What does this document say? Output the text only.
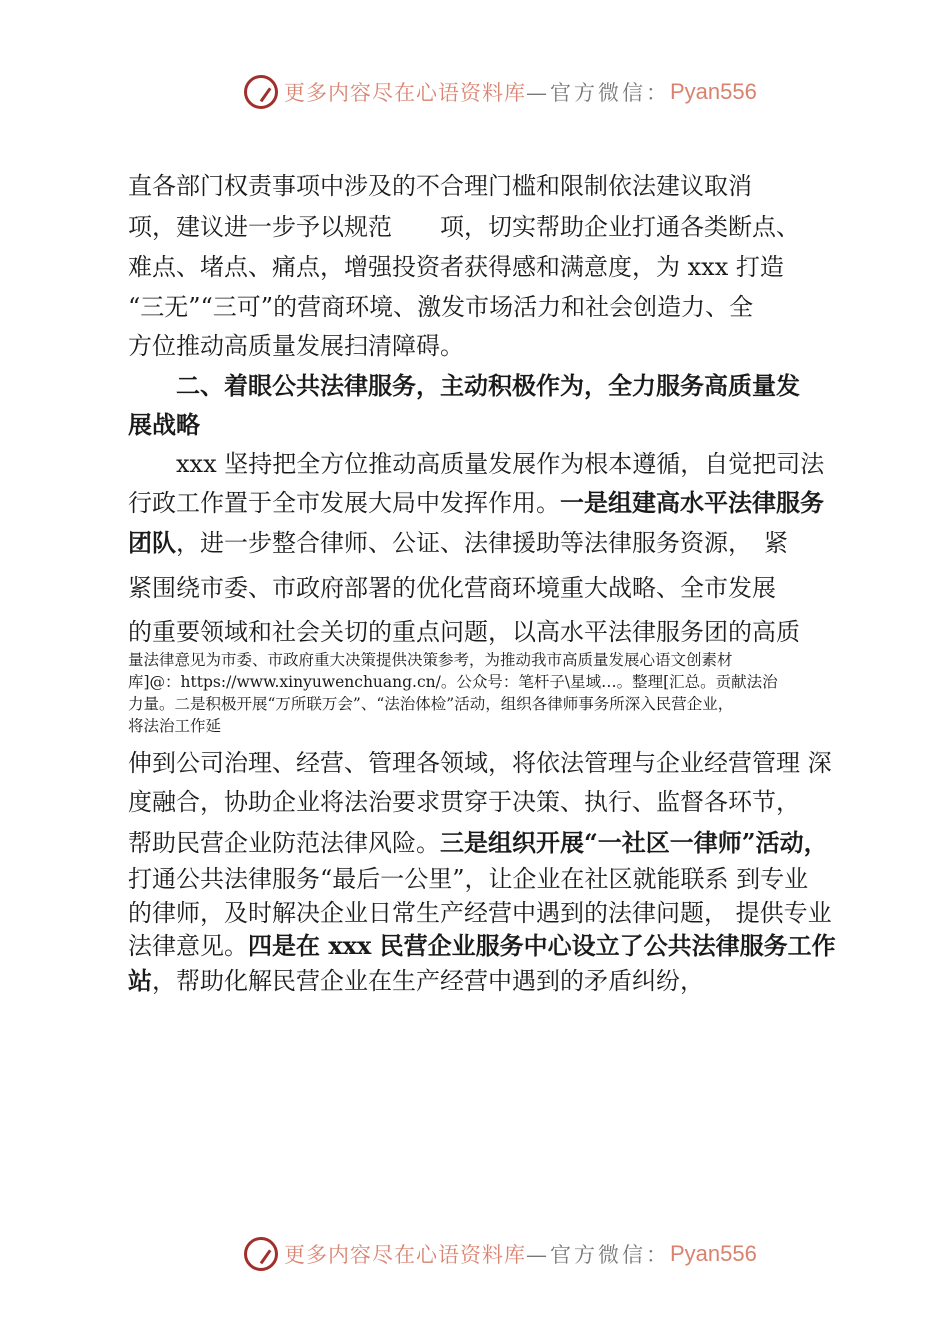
更多内容尽在心语资料库 —官方微信： Pyan556
直各部门权责事项中涉及的不合理门槛和限制依法建议取消
项，建议进一步予以规范　　项，切实帮助企业打通各类断点、
难点、堵点、痛点，增强投资者获得感和满意度，为 xxx 打造
“三无”“三可”的营商环境、激发市场活力和社会创造力、全
方位推动高质量发展扫清障碍。
　　二、着眼公共法律服务，主动积极作为，全力服务高质量发
展战略
　　xxx 坚持把全方位推动高质量发展作为根本遵循，自觉把司法
行政工作置于全市发展大局中发挥作用。一是组建高水平法律服务
团队，进一步整合律师、公证、法律援助等法律服务资源，　紧
紧围绕市委、市政府部署的优化营商环境重大战略、全市发展
的重要领域和社会关切的重点问题，以高水平法律服务团的高质
量法律意见为市委、市政府重大决策提供决策参考，为推动我市高质量发展心语文创素材
库]@：https://www.xinyuwenchuang.cn/。公众号：笔杆子\星域…。整理[汇总。贡献法治
力量。二是积极开展“万所联万会”、“法治体检”活动，组织各律师事务所深入民营企业，
将法治工作延
伸到公司治理、经营、管理各领域，将依法管理与企业经营管理 深
度融合，协助企业将法治要求贯穿于决策、执行、监督各环节，
帮助民营企业防范法律风险。三是组织开展“一社区一律师”活动，
打通公共法律服务“最后一公里”，让企业在社区就能联系 到专业
的律师，及时解决企业日常生产经营中遇到的法律问题， 提供专业
法律意见。四是在 xxx 民营企业服务中心设立了公共法律服务工作
站，帮助化解民营企业在生产经营中遇到的矛盾纠纷，
更多内容尽在心语资料库 —官方微信： Pyan556
